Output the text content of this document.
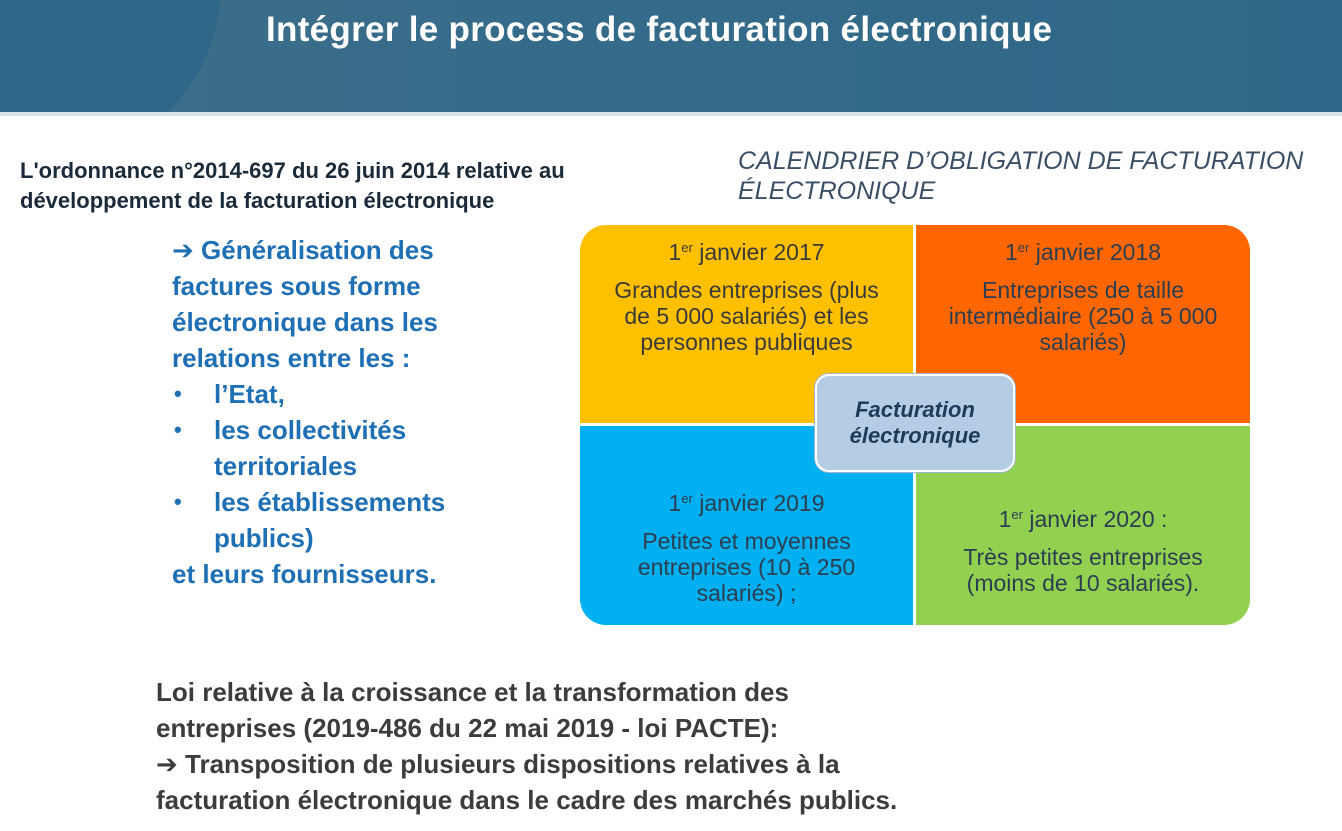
Intégrer le process de facturation électronique
L'ordonnance n°2014-697 du 26 juin 2014 relative au
développement de la facturation électronique
➔ Généralisation des
factures sous forme
électronique dans les
relations entre les :
• l’Etat,
• les collectivités
territoriales
• les établissements
publics)
et leurs fournisseurs.
CALENDRIER D’OBLIGATION DE FACTURATION
ÉLECTRONIQUE
1er janvier 2017
Grandes entreprises (plus
de 5 000 salariés) et les
personnes publiques
1er janvier 2018
Entreprises de taille
intermédiaire (250 à 5 000
salariés)
1er janvier 2019
Petites et moyennes
entreprises (10 à 250
salariés) ;
1er janvier 2020 :
Très petites entreprises
(moins de 10 salariés).
Facturation
électronique
Loi relative à la croissance et la transformation des
entreprises (2019-486 du 22 mai 2019 - loi PACTE):
➔ Transposition de plusieurs dispositions relatives à la
facturation électronique dans le cadre des marchés publics.
